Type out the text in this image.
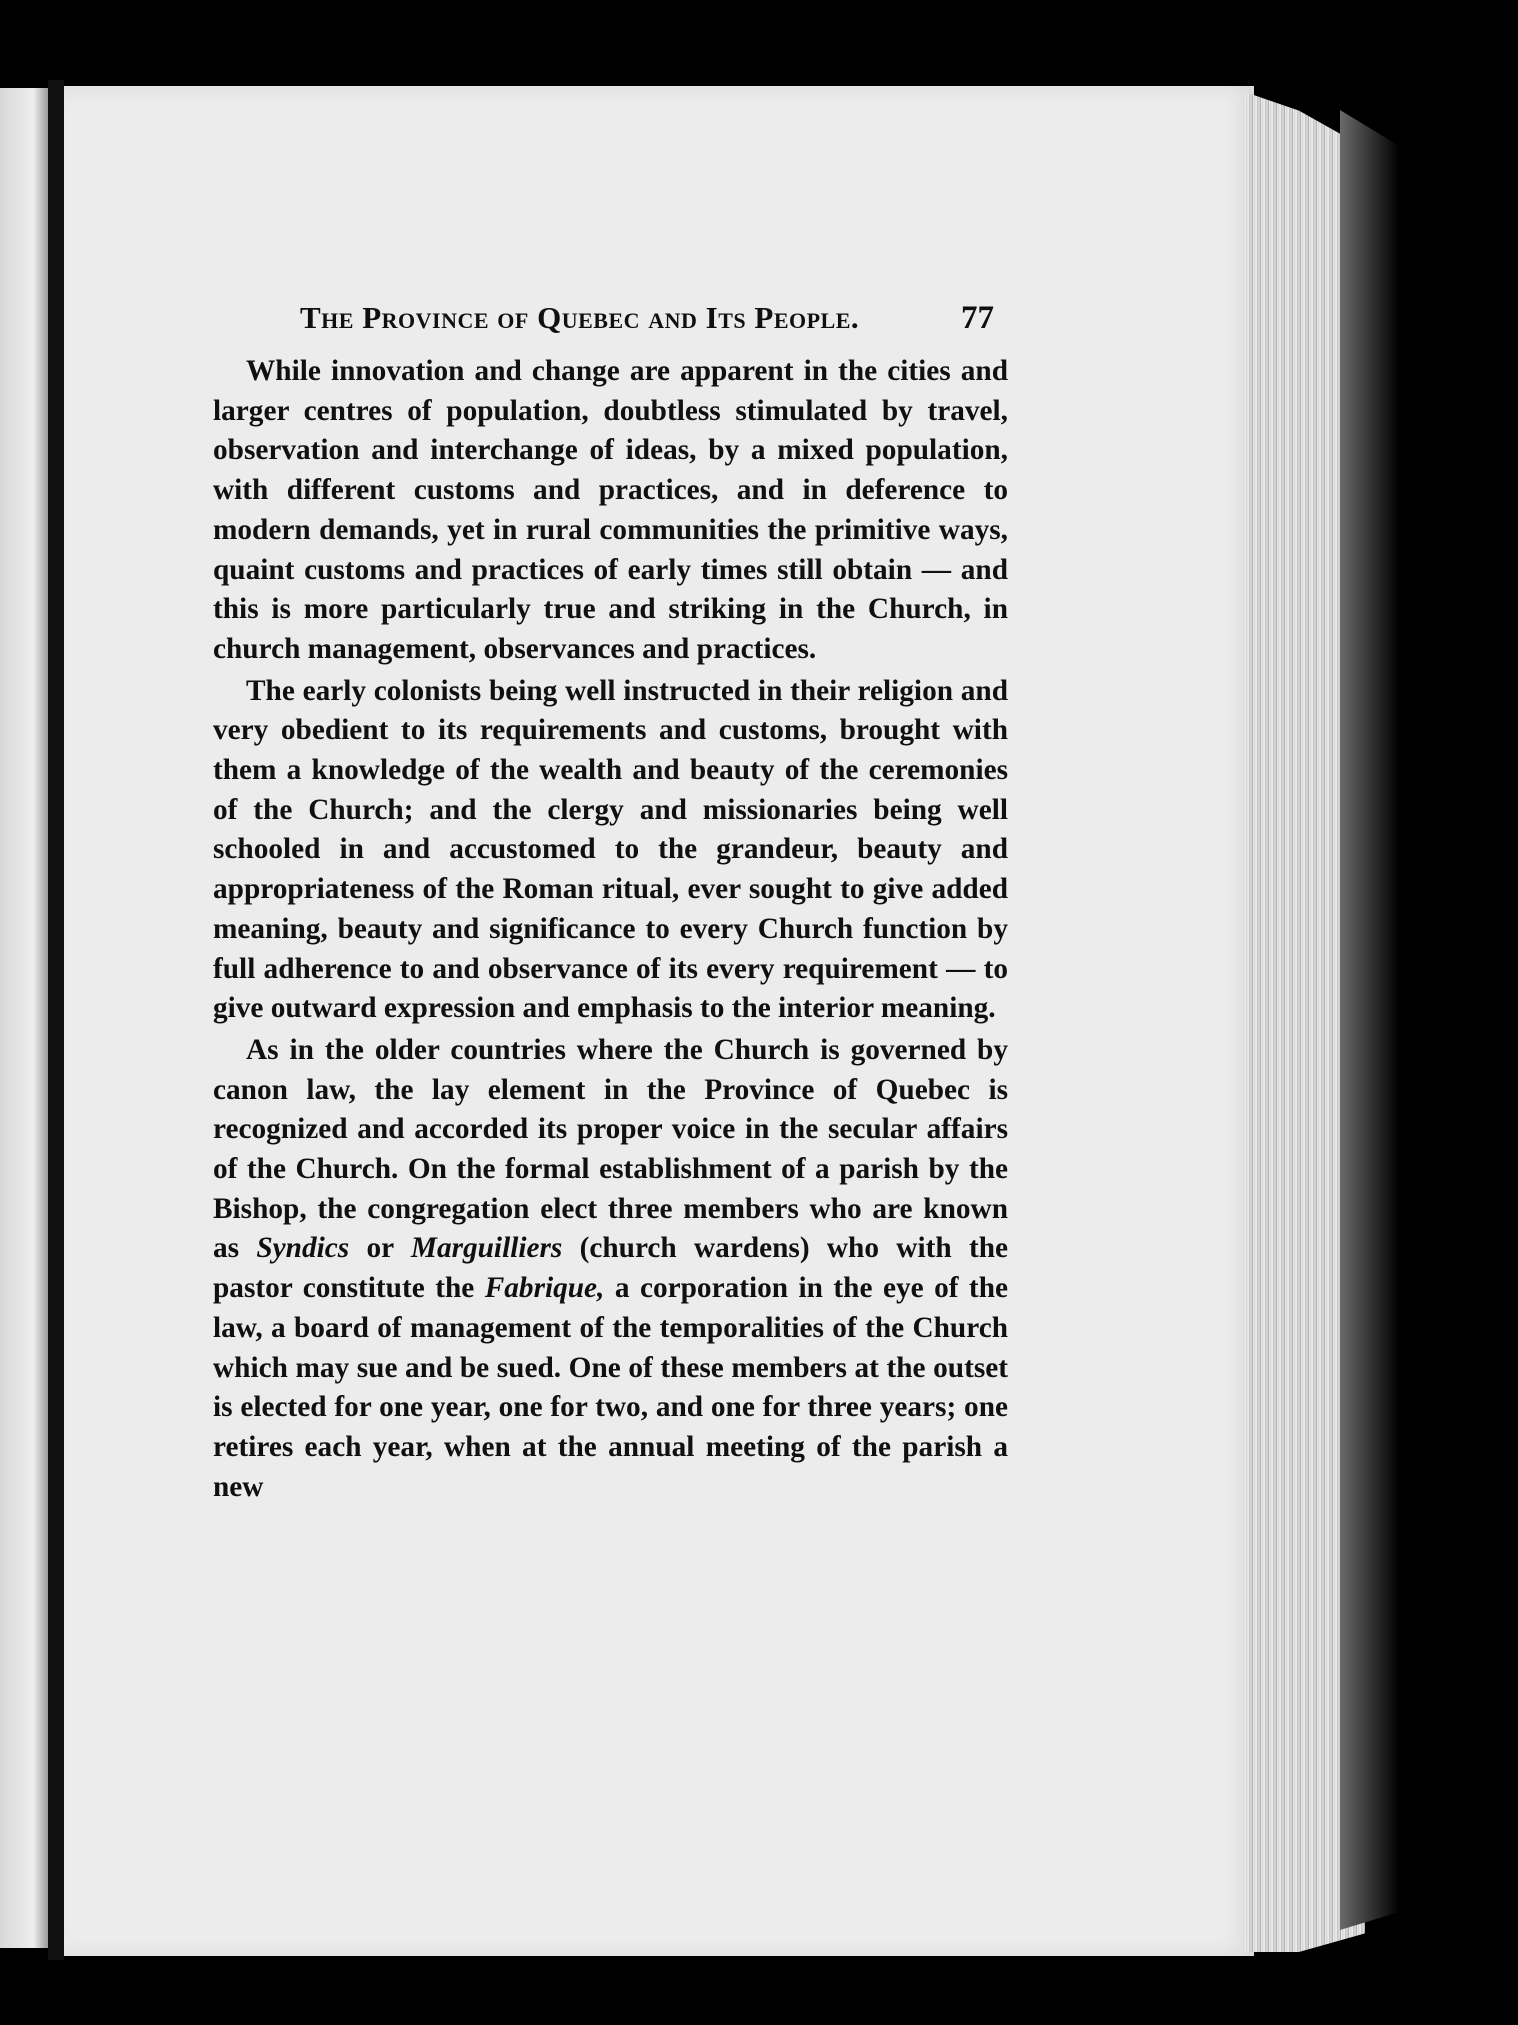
The Province of Quebec and Its People.	77

While innovation and change are apparent in the cities and larger centres of population, doubtless stimulated by travel, observation and interchange of ideas, by a mixed population, with different customs and practices, and in deference to modern demands, yet in rural communities the primitive ways, quaint customs and practices of early times still obtain — and this is more particularly true and striking in the Church, in church management, observances and practices.

The early colonists being well instructed in their religion and very obedient to its requirements and customs, brought with them a knowledge of the wealth and beauty of the ceremonies of the Church; and the clergy and missionaries being well schooled in and accustomed to the grandeur, beauty and appropriateness of the Roman ritual, ever sought to give added meaning, beauty and significance to every Church function by full adherence to and observance of its every requirement — to give outward expression and emphasis to the interior meaning.

As in the older countries where the Church is governed by canon law, the lay element in the Province of Quebec is recognized and accorded its proper voice in the secular affairs of the Church. On the formal establishment of a parish by the Bishop, the congregation elect three members who are known as Syndics or Marguilliers (church wardens) who with the pastor constitute the Fabrique, a corporation in the eye of the law, a board of management of the temporalities of the Church which may sue and be sued. One of these members at the outset is elected for one year, one for two, and one for three years; one retires each year, when at the annual meeting of the parish a new
